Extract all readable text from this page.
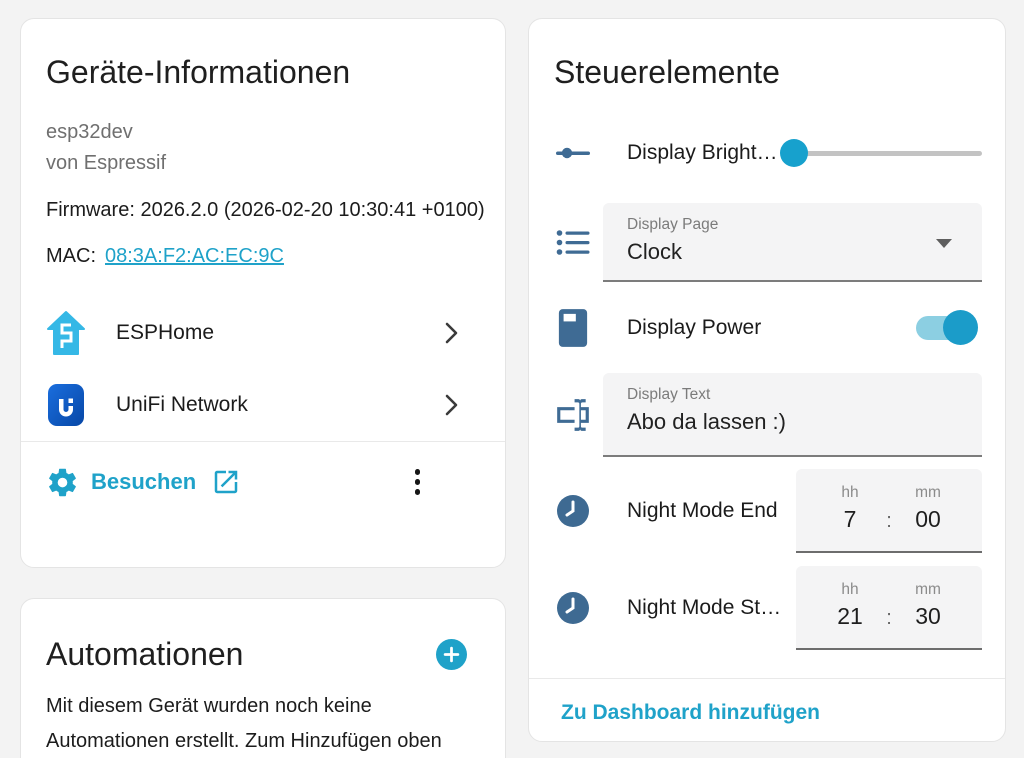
Geräte-Informationen
esp32dev
von Espressif
Firmware: 2026.2.0 (2026-02-20 10:30:41 +0100)
MAC: 08:3A:F2:AC:EC:9C
ESPHome
UniFi Network
Besuchen
Automationen

Mit diesem Gerät wurden noch keine Automationen erstellt. Zum Hinzufügen oben

Steuerelemente
Display Bright…
Display Page
Clock
Display Power
Display Text
Abo da lassen :)
Night Mode End
hh
7	:
mm
00
Night Mode St…
hh
21	:
mm
30
Zu Dashboard hinzufügen
